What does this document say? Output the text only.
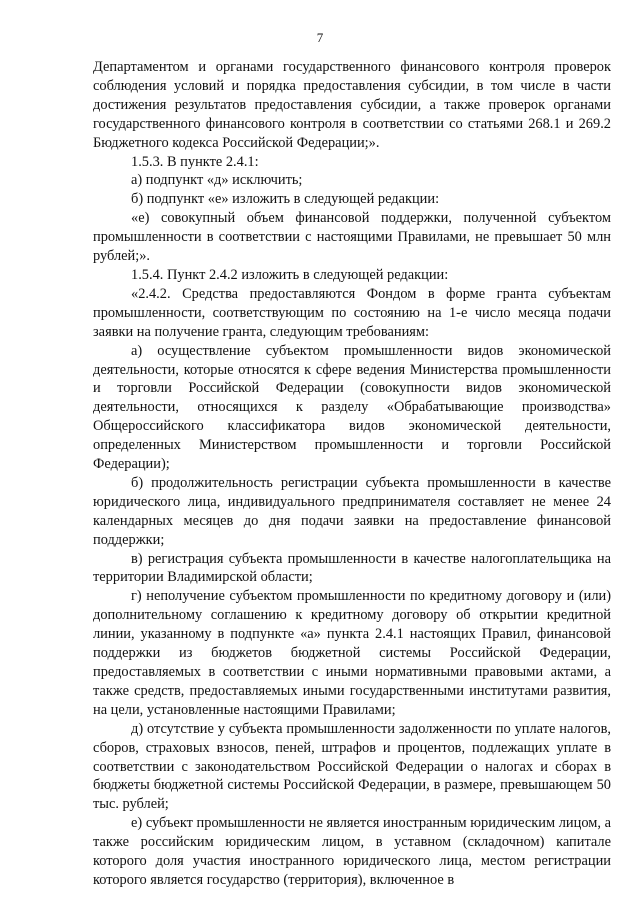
7

Департаментом и органами государственного финансового контроля проверок соблюдения условий и порядка предоставления субсидии, в том числе в части достижения результатов предоставления субсидии, а также проверок органами государственного финансового контроля в соответствии со статьями 268.1 и 269.2 Бюджетного кодекса Российской Федерации;».

1.5.3. В пункте 2.4.1:

а) подпункт «д» исключить;

б) подпункт «е» изложить в следующей редакции:

«е) совокупный объем финансовой поддержки, полученной субъектом промышленности в соответствии с настоящими Правилами, не превышает 50 млн рублей;».

1.5.4. Пункт 2.4.2 изложить в следующей редакции:

«2.4.2. Средства предоставляются Фондом в форме гранта субъектам промышленности, соответствующим по состоянию на 1-е число месяца подачи заявки на получение гранта, следующим требованиям:

а) осуществление субъектом промышленности видов экономической деятельности, которые относятся к сфере ведения Министерства промышленности и торговли Российской Федерации (совокупности видов экономической деятельности, относящихся к разделу «Обрабатывающие производства» Общероссийского классификатора видов экономической деятельности, определенных Министерством промышленности и торговли Российской Федерации);

б) продолжительность регистрации субъекта промышленности в качестве юридического лица, индивидуального предпринимателя составляет не менее 24 календарных месяцев до дня подачи заявки на предоставление финансовой поддержки;

в) регистрация субъекта промышленности в качестве налогоплательщика на территории Владимирской области;

г) неполучение субъектом промышленности по кредитному договору и (или) дополнительному соглашению к кредитному договору об открытии кредитной линии, указанному в подпункте «а» пункта 2.4.1 настоящих Правил, финансовой поддержки из бюджетов бюджетной системы Российской Федерации, предоставляемых в соответствии с иными нормативными правовыми актами, а также средств, предоставляемых иными государственными институтами развития, на цели, установленные настоящими Правилами;

д) отсутствие у субъекта промышленности задолженности по уплате налогов, сборов, страховых взносов, пеней, штрафов и процентов, подлежащих уплате в соответствии с законодательством Российской Федерации о налогах и сборах в бюджеты бюджетной системы Российской Федерации, в размере, превышающем 50 тыс. рублей;

е) субъект промышленности не является иностранным юридическим лицом, а также российским юридическим лицом, в уставном (складочном) капитале которого доля участия иностранного юридического лица, местом регистрации которого является государство (территория), включенное в
